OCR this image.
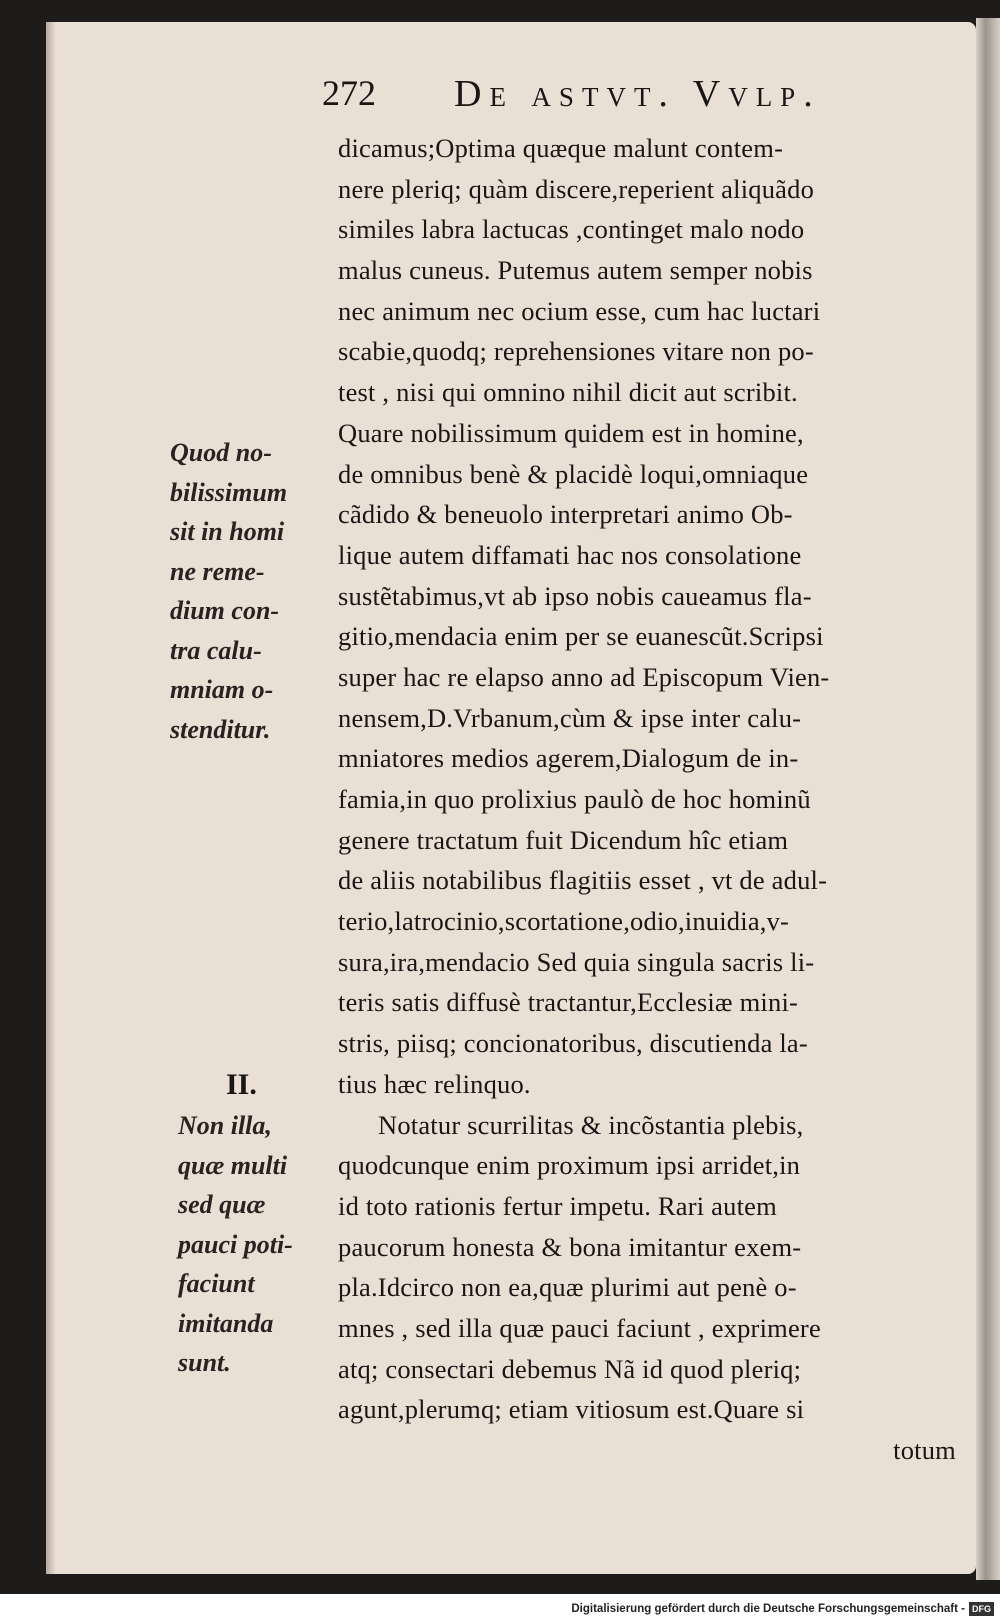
272 De astvt. Vvlp.
dicamus;Optima quæque malunt contem-
nere pleriq; quàm discere,reperient aliquãdo
similes labra lactucas ,continget malo nodo
malus cuneus. Putemus autem semper nobis
nec animum nec ocium esse, cum hac luctari
scabie,quodq; reprehensiones vitare non po-
test , nisi qui omnino nihil dicit aut scribit.
Quare nobilissimum quidem est in homine,
de omnibus benè & placidè loqui,omniaque
cãdido & beneuolo interpretari animo Ob-
lique autem diffamati hac nos consolatione
sustẽtabimus,vt ab ipso nobis caueamus fla-
gitio,mendacia enim per se euanescũt.Scripsi
super hac re elapso anno ad Episcopum Vien-
nensem,D.Vrbanum,cùm & ipse inter calu-
mniatores medios agerem,Dialogum de in-
famia,in quo prolixius paulò de hoc hominũ
genere tractatum fuit Dicendum hîc etiam
de aliis notabilibus flagitiis esset , vt de adul-
terio,latrocinio,scortatione,odio,inuidia,v-
sura,ira,mendacio Sed quia singula sacris li-
teris satis diffusè tractantur,Ecclesiæ mini-
stris, piisq; concionatoribus, discutienda la-
tius hæc relinquo.
Notatur scurrilitas & incõstantia plebis,
quodcunque enim proximum ipsi arridet,in
id toto rationis fertur impetu. Rari autem
paucorum honesta & bona imitantur exem-
pla.Idcirco non ea,quæ plurimi aut penè o-
mnes , sed illa quæ pauci faciunt , exprimere
atq; consectari debemus Nã id quod pleriq;
agunt,plerumq; etiam vitiosum est.Quare si
totum
Quod no-
bilissimum
sit in homi
ne reme-
dium con-
tra calu-
mniam o-
stenditur.
II.
Non illa,
quæ multi
sed quæ
pauci poti-
faciunt
imitanda
sunt.
Digitalisierung gefördert durch die Deutsche Forschungsgemeinschaft - DFG
